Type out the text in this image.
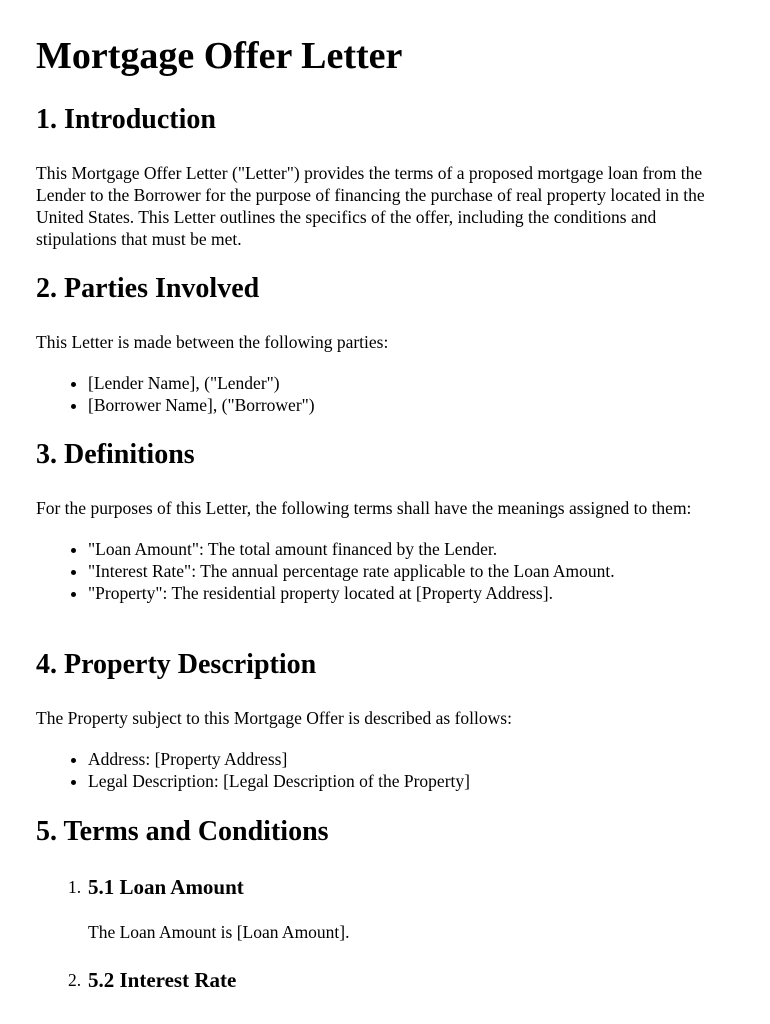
Mortgage Offer Letter
1. Introduction

This Mortgage Offer Letter ("Letter") provides the terms of a proposed mortgage loan from the Lender to the Borrower for the purpose of financing the purchase of real property located in the United States. This Letter outlines the specifics of the offer, including the conditions and stipulations that must be met.

2. Parties Involved

This Letter is made between the following parties:

• [Lender Name], ("Lender")
• [Borrower Name], ("Borrower")
3. Definitions

For the purposes of this Letter, the following terms shall have the meanings assigned to them:

• "Loan Amount": The total amount financed by the Lender.
• "Interest Rate": The annual percentage rate applicable to the Loan Amount.
• "Property": The residential property located at [Property Address].
4. Property Description

The Property subject to this Mortgage Offer is described as follows:

• Address: [Property Address]
• Legal Description: [Legal Description of the Property]
5. Terms and Conditions
1. 5.1 Loan Amount

The Loan Amount is [Loan Amount].

2. 5.2 Interest Rate
